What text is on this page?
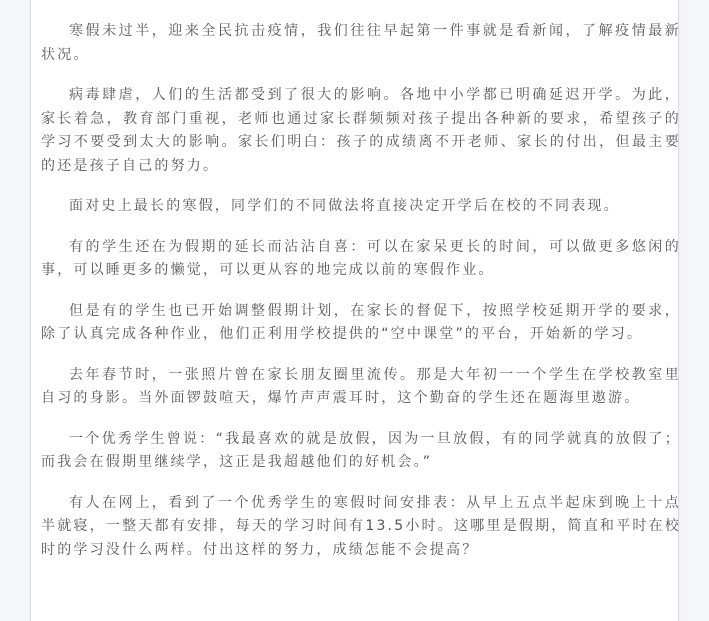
寒假未过半，迎来全民抗击疫情，我们往往早起第一件事就是看新闻，了解疫情最新状况。

病毒肆虐，人们的生活都受到了很大的影响。各地中小学都已明确延迟开学。为此，家长着急，教育部门重视，老师也通过家长群频频对孩子提出各种新的要求，希望孩子的学习不要受到太大的影响。家长们明白：孩子的成绩离不开老师、家长的付出，但最主要的还是孩子自己的努力。

面对史上最长的寒假，同学们的不同做法将直接决定开学后在校的不同表现。

有的学生还在为假期的延长而沾沾自喜：可以在家呆更长的时间，可以做更多悠闲的事，可以睡更多的懒觉，可以更从容的地完成以前的寒假作业。

但是有的学生也已开始调整假期计划，在家长的督促下，按照学校延期开学的要求，除了认真完成各种作业，他们正利用学校提供的“空中课堂”的平台，开始新的学习。

去年春节时，一张照片曾在家长朋友圈里流传。那是大年初一一个学生在学校教室里自习的身影。当外面锣鼓喧天，爆竹声声震耳时，这个勤奋的学生还在题海里遨游。

一个优秀学生曾说：“我最喜欢的就是放假，因为一旦放假，有的同学就真的放假了；而我会在假期里继续学，这正是我超越他们的好机会。”

有人在网上，看到了一个优秀学生的寒假时间安排表：从早上五点半起床到晚上十点半就寝，一整天都有安排，每天的学习时间有13.5小时。这哪里是假期，简直和平时在校时的学习没什么两样。付出这样的努力，成绩怎能不会提高？
